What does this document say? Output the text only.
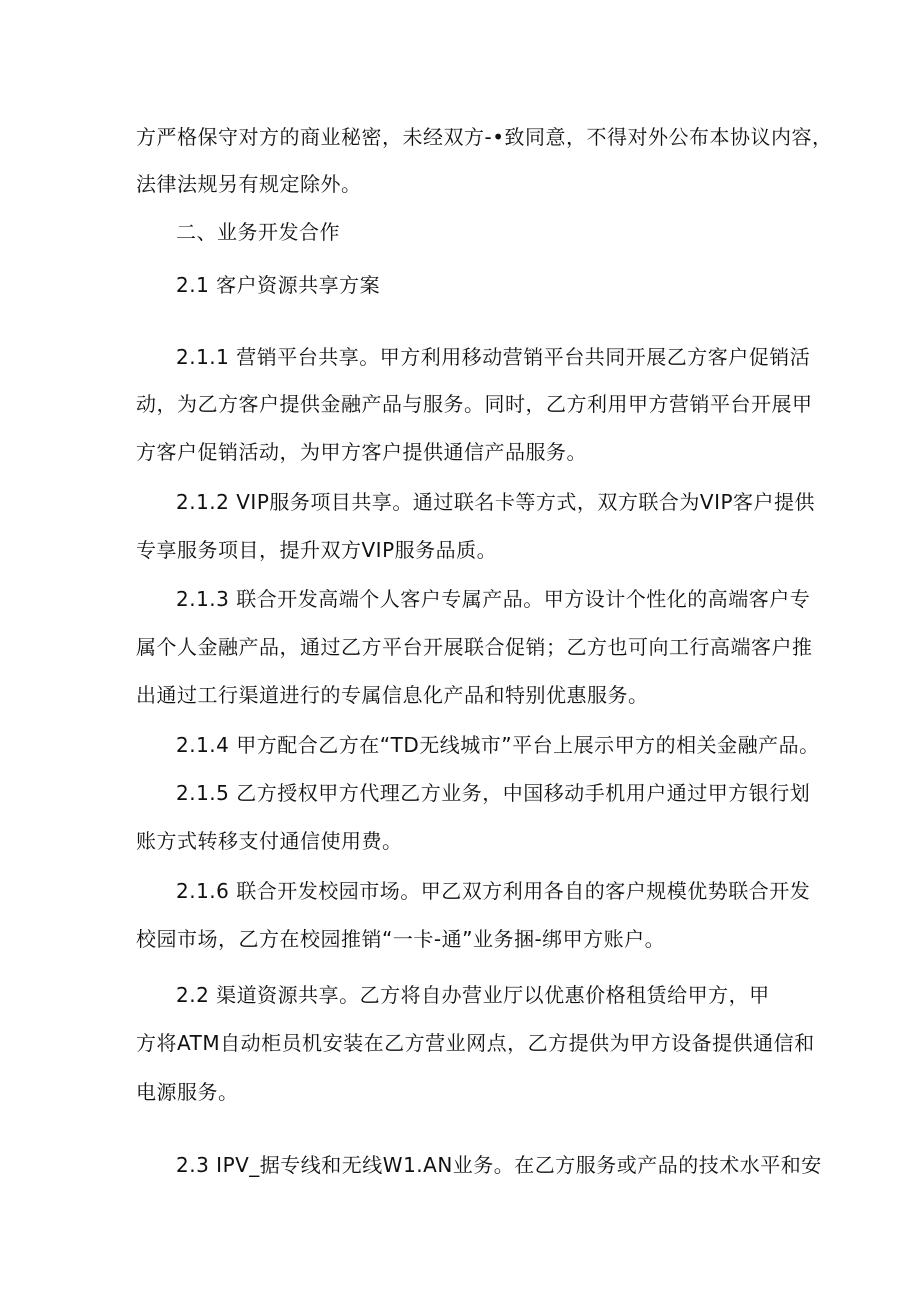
方严格保守对方的商业秘密，未经双方-•致同意，不得对外公布本协议内容，
法律法规另有规定除外。
二、业务开发合作
2.1 客户资源共享方案
2.1.1 营销平台共享。甲方利用移动营销平台共同开展乙方客户促销活
动，为乙方客户提供金融产品与服务。同时，乙方利用甲方营销平台开展甲
方客户促销活动，为甲方客户提供通信产品服务。
2.1.2 VIP服务项目共享。通过联名卡等方式，双方联合为VIP客户提供
专享服务项目，提升双方VIP服务品质。
2.1.3 联合开发高端个人客户专属产品。甲方设计个性化的高端客户专
属个人金融产品，通过乙方平台开展联合促销；乙方也可向工行高端客户推
出通过工行渠道进行的专属信息化产品和特别优惠服务。
2.1.4 甲方配合乙方在“TD无线城市”平台上展示甲方的相关金融产品。
2.1.5 乙方授权甲方代理乙方业务，中国移动手机用户通过甲方银行划
账方式转移支付通信使用费。
2.1.6 联合开发校园市场。甲乙双方利用各自的客户规模优势联合开发
校园市场，乙方在校园推销“一卡-通”业务捆-绑甲方账户。
2.2 渠道资源共享。乙方将自办营业厅以优惠价格租赁给甲方，甲
方将ATM自动柜员机安装在乙方营业网点，乙方提供为甲方设备提供通信和
电源服务。
2.3 IPV_据专线和无线W1.AN业务。在乙方服务或产品的技术水平和安
